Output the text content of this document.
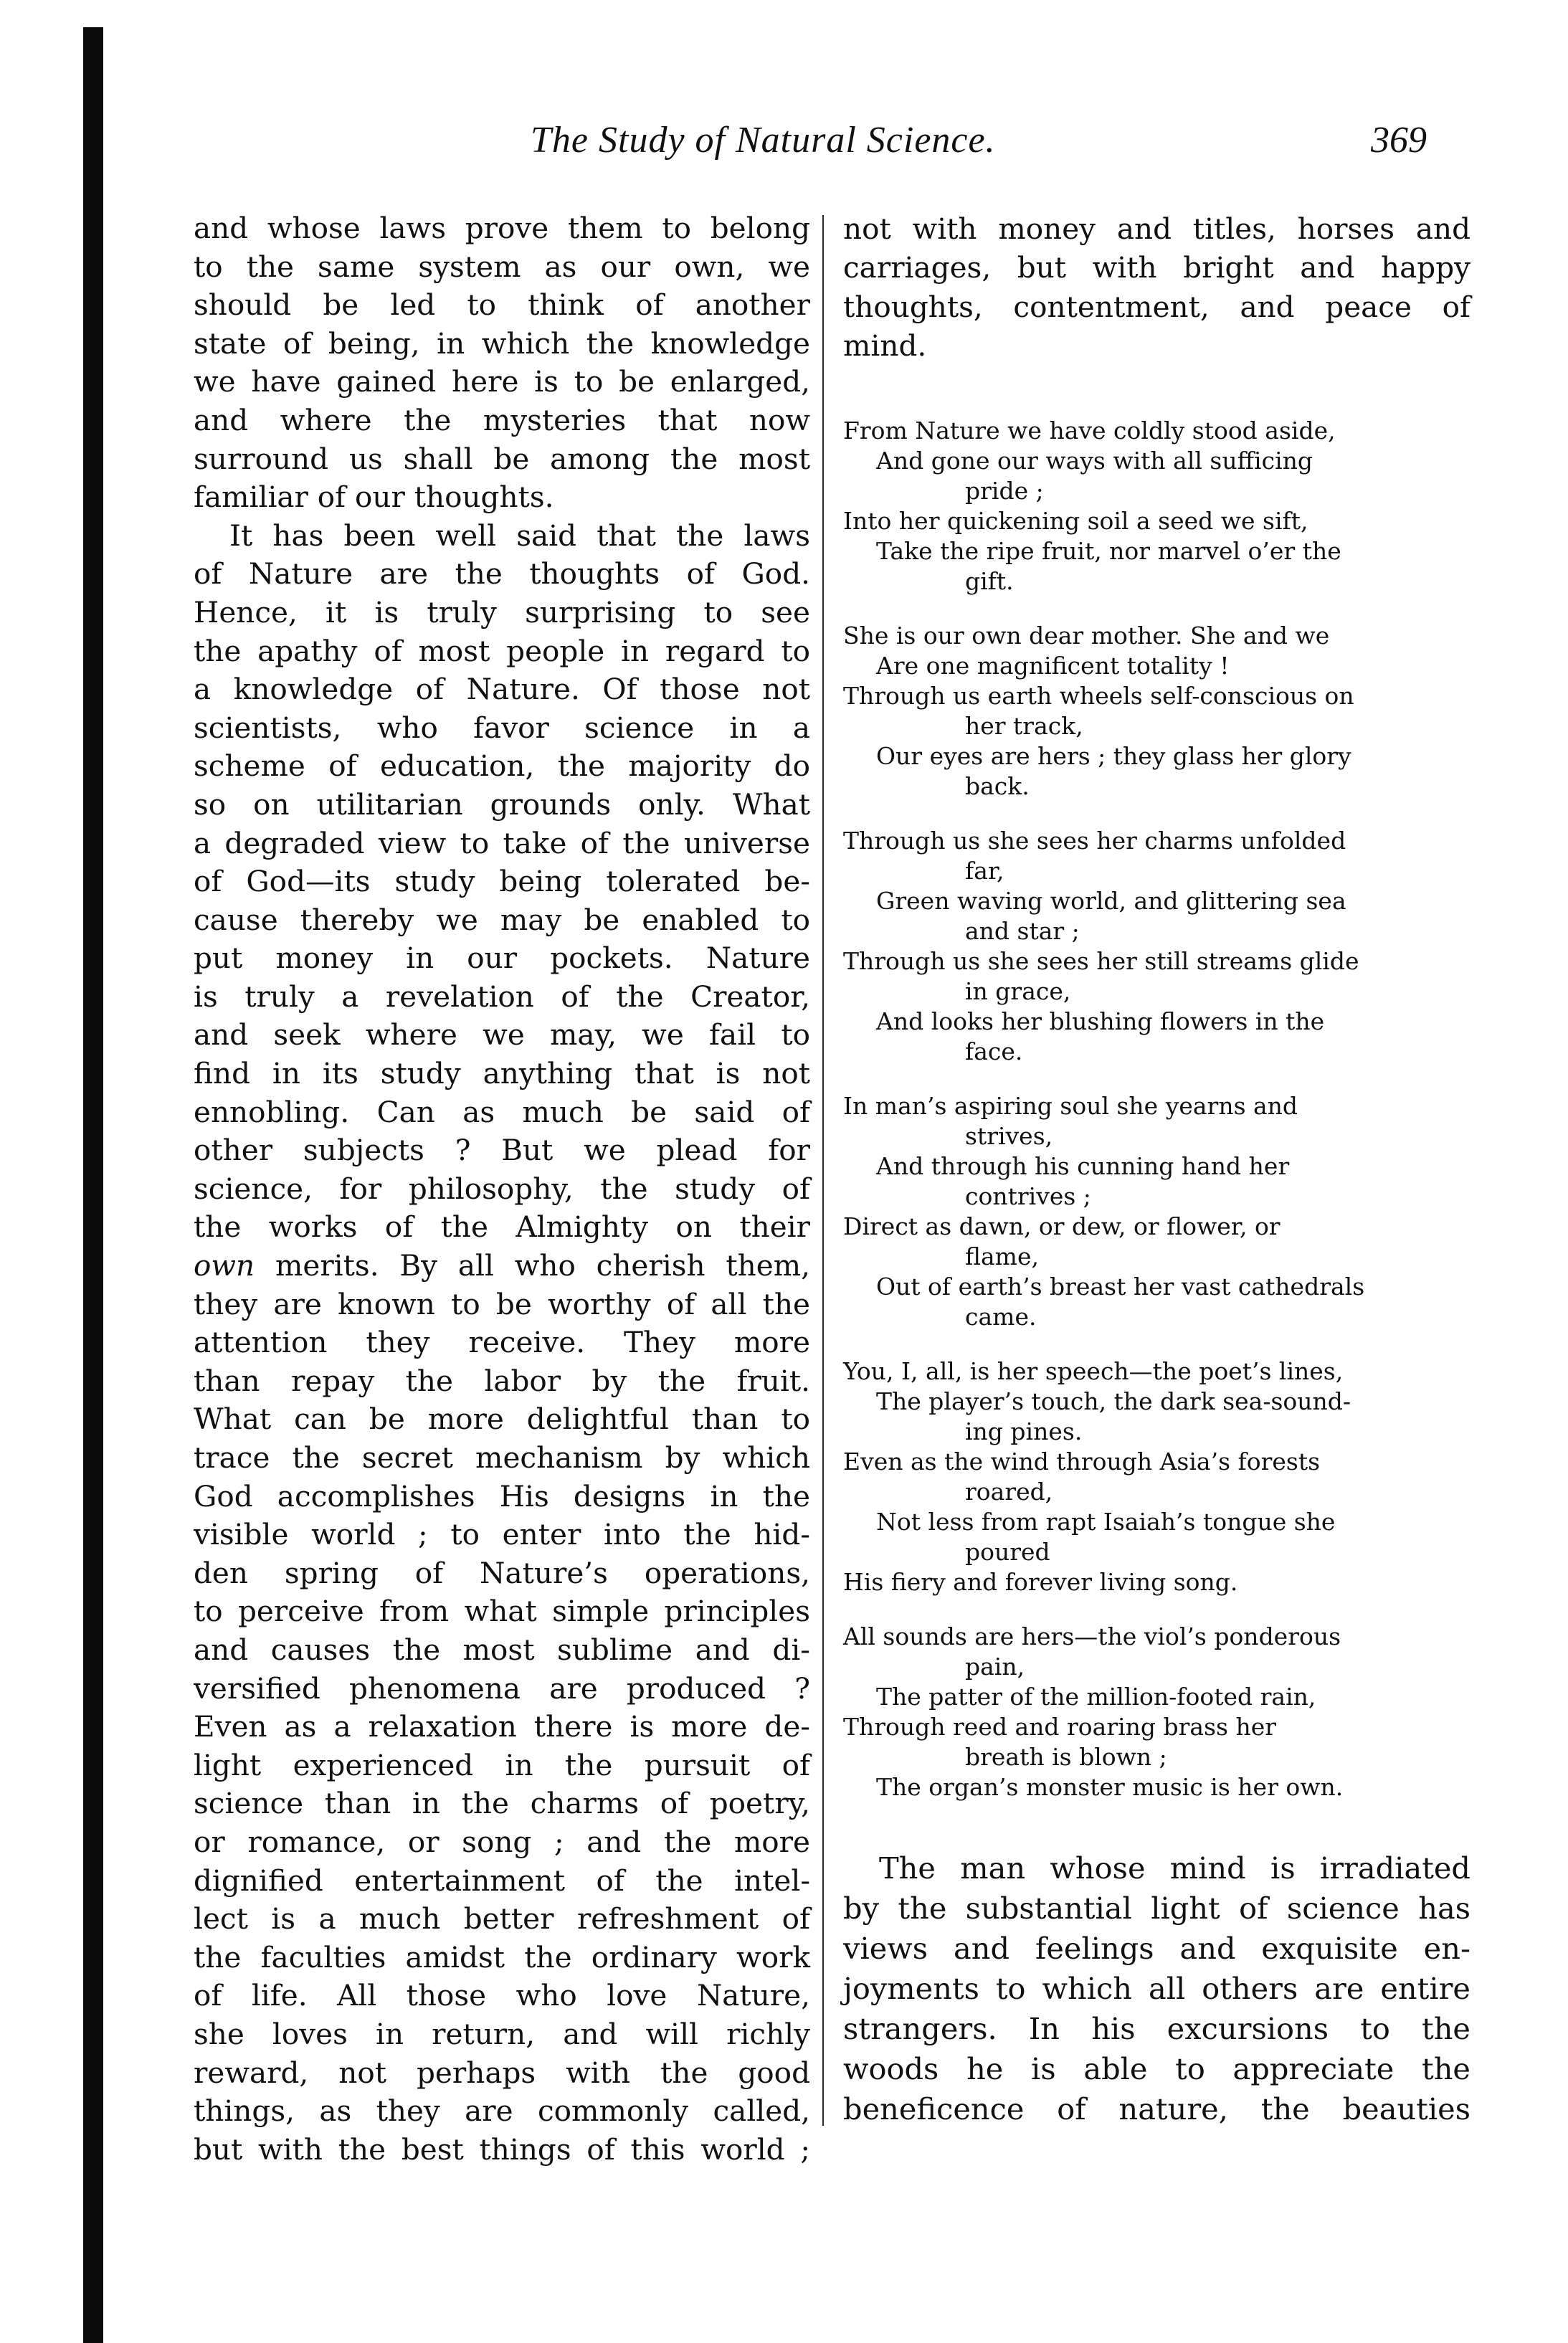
The Study of Natural Science.	369
and whose laws prove them to belong
to the same system as our own, we
should be led to think of another
state of being, in which the knowledge
we have gained here is to be enlarged,
and where the mysteries that now
surround us shall be among the most
familiar of our thoughts.
It has been well said that the laws
of Nature are the thoughts of God.
Hence, it is truly surprising to see
the apathy of most people in regard to
a knowledge of Nature. Of those not
scientists, who favor science in a
scheme of education, the majority do
so on utilitarian grounds only. What
a degraded view to take of the universe
of God—its study being tolerated be-
cause thereby we may be enabled to
put money in our pockets. Nature
is truly a revelation of the Creator,
and seek where we may, we fail to
find in its study anything that is not
ennobling. Can as much be said of
other subjects ? But we plead for
science, for philosophy, the study of
the works of the Almighty on their
own merits. By all who cherish them,
they are known to be worthy of all the
attention they receive. They more
than repay the labor by the fruit.
What can be more delightful than to
trace the secret mechanism by which
God accomplishes His designs in the
visible world ; to enter into the hid-
den spring of Nature’s operations,
to perceive from what simple principles
and causes the most sublime and di-
versified phenomena are produced ?
Even as a relaxation there is more de-
light experienced in the pursuit of
science than in the charms of poetry,
or romance, or song ; and the more
dignified entertainment of the intel-
lect is a much better refreshment of
the faculties amidst the ordinary work
of life. All those who love Nature,
she loves in return, and will richly
reward, not perhaps with the good
things, as they are commonly called,
but with the best things of this world ;
not with money and titles, horses and
carriages, but with bright and happy
thoughts, contentment, and peace of
mind.
From Nature we have coldly stood aside,
And gone our ways with all sufficing
pride ;
Into her quickening soil a seed we sift,
Take the ripe fruit, nor marvel o’er the
gift.
She is our own dear mother. She and we
Are one magnificent totality !
Through us earth wheels self-conscious on
her track,
Our eyes are hers ; they glass her glory
back.
Through us she sees her charms unfolded
far,
Green waving world, and glittering sea
and star ;
Through us she sees her still streams glide
in grace,
And looks her blushing flowers in the
face.
In man’s aspiring soul she yearns and
strives,
And through his cunning hand her
contrives ;
Direct as dawn, or dew, or flower, or
flame,
Out of earth’s breast her vast cathedrals
came.
You, I, all, is her speech—the poet’s lines,
The player’s touch, the dark sea-sound-
ing pines.
Even as the wind through Asia’s forests
roared,
Not less from rapt Isaiah’s tongue she
poured
His fiery and forever living song.
All sounds are hers—the viol’s ponderous
pain,
The patter of the million-footed rain,
Through reed and roaring brass her
breath is blown ;
The organ’s monster music is her own.
The man whose mind is irradiated
by the substantial light of science has
views and feelings and exquisite en-
joyments to which all others are entire
strangers. In his excursions to the
woods he is able to appreciate the
beneficence of nature, the beauties
